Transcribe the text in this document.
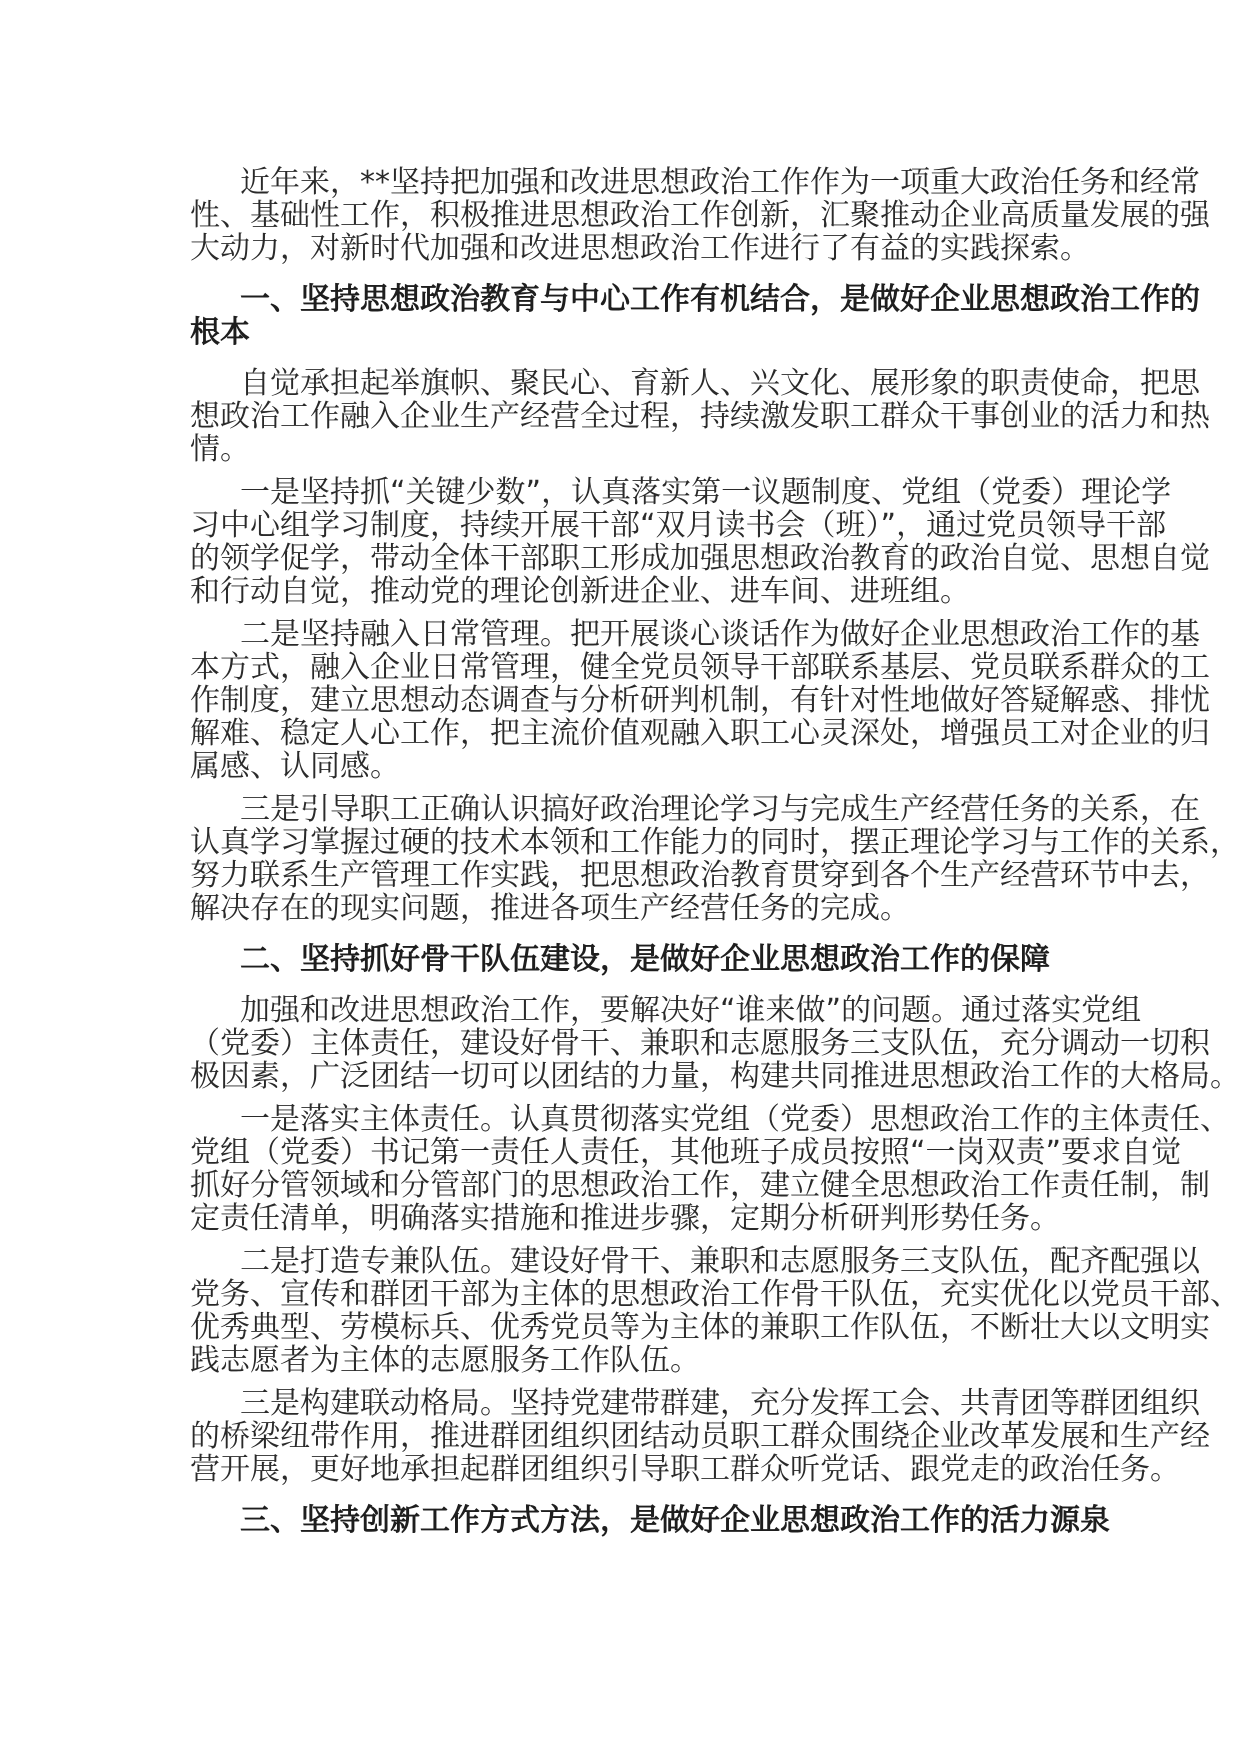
近年来，**坚持把加强和改进思想政治工作作为一项重大政治任务和经常
性、基础性工作，积极推进思想政治工作创新，汇聚推动企业高质量发展的强
大动力，对新时代加强和改进思想政治工作进行了有益的实践探索。
一、坚持思想政治教育与中心工作有机结合，是做好企业思想政治工作的
根本
自觉承担起举旗帜、聚民心、育新人、兴文化、展形象的职责使命，把思
想政治工作融入企业生产经营全过程，持续激发职工群众干事创业的活力和热
情。
一是坚持抓“关键少数”，认真落实第一议题制度、党组（党委）理论学
习中心组学习制度，持续开展干部“双月读书会（班）”，通过党员领导干部
的领学促学，带动全体干部职工形成加强思想政治教育的政治自觉、思想自觉
和行动自觉，推动党的理论创新进企业、进车间、进班组。
二是坚持融入日常管理。把开展谈心谈话作为做好企业思想政治工作的基
本方式，融入企业日常管理，健全党员领导干部联系基层、党员联系群众的工
作制度，建立思想动态调查与分析研判机制，有针对性地做好答疑解惑、排忧
解难、稳定人心工作，把主流价值观融入职工心灵深处，增强员工对企业的归
属感、认同感。
三是引导职工正确认识搞好政治理论学习与完成生产经营任务的关系，在
认真学习掌握过硬的技术本领和工作能力的同时，摆正理论学习与工作的关系，
努力联系生产管理工作实践，把思想政治教育贯穿到各个生产经营环节中去，
解决存在的现实问题，推进各项生产经营任务的完成。
二、坚持抓好骨干队伍建设，是做好企业思想政治工作的保障
加强和改进思想政治工作，要解决好“谁来做”的问题。通过落实党组
（党委）主体责任，建设好骨干、兼职和志愿服务三支队伍，充分调动一切积
极因素，广泛团结一切可以团结的力量，构建共同推进思想政治工作的大格局。
一是落实主体责任。认真贯彻落实党组（党委）思想政治工作的主体责任、
党组（党委）书记第一责任人责任，其他班子成员按照“一岗双责”要求自觉
抓好分管领域和分管部门的思想政治工作，建立健全思想政治工作责任制，制
定责任清单，明确落实措施和推进步骤，定期分析研判形势任务。
二是打造专兼队伍。建设好骨干、兼职和志愿服务三支队伍，配齐配强以
党务、宣传和群团干部为主体的思想政治工作骨干队伍，充实优化以党员干部、
优秀典型、劳模标兵、优秀党员等为主体的兼职工作队伍，不断壮大以文明实
践志愿者为主体的志愿服务工作队伍。
三是构建联动格局。坚持党建带群建，充分发挥工会、共青团等群团组织
的桥梁纽带作用，推进群团组织团结动员职工群众围绕企业改革发展和生产经
营开展，更好地承担起群团组织引导职工群众听党话、跟党走的政治任务。
三、坚持创新工作方式方法，是做好企业思想政治工作的活力源泉
